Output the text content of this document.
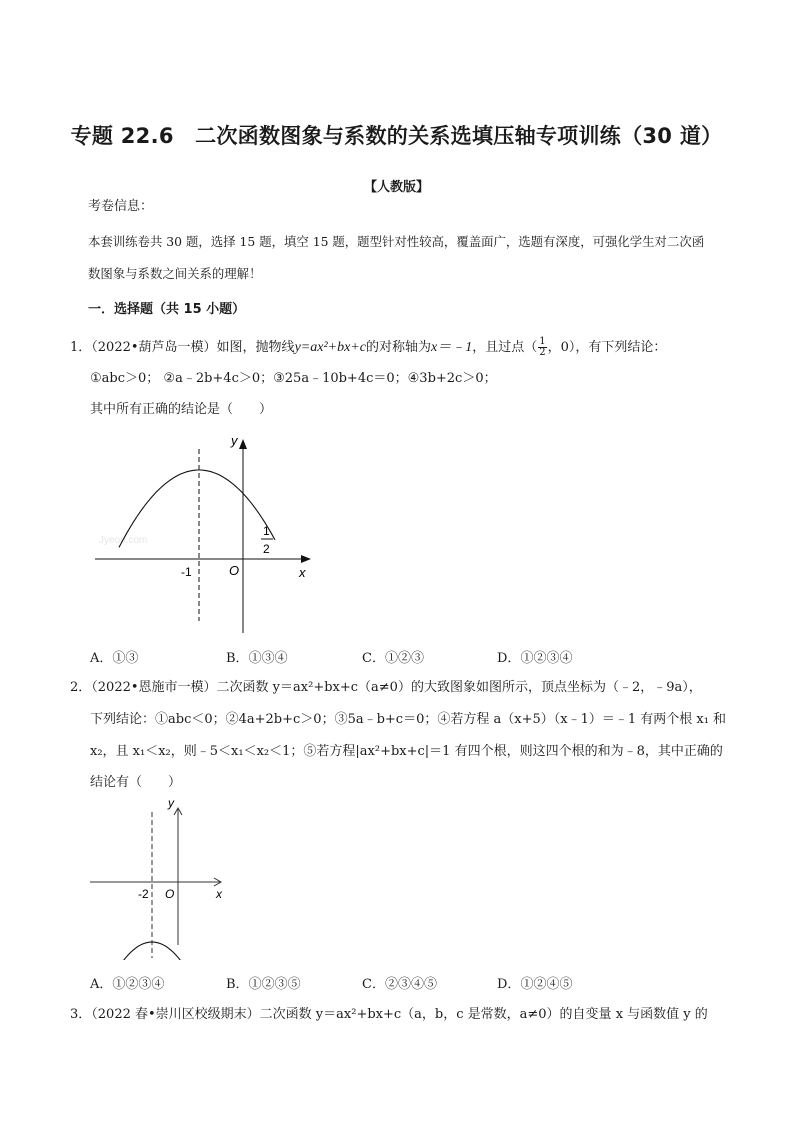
专题 22.6　二次函数图象与系数的关系选填压轴专项训练（30 道）
【人教版】
考卷信息：
本套训练卷共 30 题，选择 15 题，填空 15 题，题型针对性较高，覆盖面广，选题有深度，可强化学生对二次函
数图象与系数之间关系的理解！
一．选择题（共 15 小题）
1．（2022•葫芦岛一模）如图，抛物线y=ax²+bx+c的对称轴为x＝﹣1，且过点（ $\frac{1}{2}$ ，0），有下列结论：
①abc＞0； ②a﹣2b+4c＞0；③25a﹣10b+4c＝0；④3b+2c＞0；
其中所有正确的结论是（　　）
Jyeoo.com
y
x
O
-1
1
2
A．①③	B．①③④	C．①②③	D．①②③④
2．（2022•恩施市一模）二次函数 y＝ax²+bx+c（a≠0）的大致图象如图所示，顶点坐标为（﹣2，﹣9a），
下列结论：①abc＜0；②4a+2b+c＞0；③5a﹣b+c＝0；④若方程 a（x+5）（x﹣1）＝﹣1 有两个根 x₁ 和
x₂，且 x₁＜x₂，则﹣5＜x₁＜x₂＜1；⑤若方程|ax²+bx+c|＝1 有四个根，则这四个根的和为﹣8，其中正确的
结论有（　　）
y
x
O
-2
A．①②③④	B．①②③⑤	C．②③④⑤	D．①②④⑤
3．（2022 春•崇川区校级期末）二次函数 y＝ax²+bx+c（a，b，c 是常数，a≠0）的自变量 x 与函数值 y 的
